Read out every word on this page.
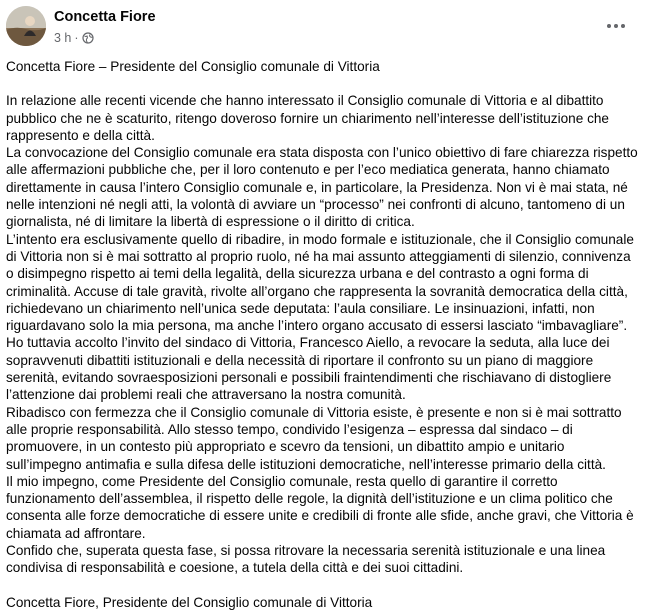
Concetta Fiore
3 h ·

Concetta Fiore – Presidente del Consiglio comunale di Vittoria

In relazione alle recenti vicende che hanno interessato il Consiglio comunale di Vittoria e al dibattito pubblico che ne è scaturito, ritengo doveroso fornire un chiarimento nell’interesse dell’istituzione che rappresento e della città.

La convocazione del Consiglio comunale era stata disposta con l’unico obiettivo di fare chiarezza rispetto alle affermazioni pubbliche che, per il loro contenuto e per l’eco mediatica generata, hanno chiamato direttamente in causa l’intero Consiglio comunale e, in particolare, la Presidenza. Non vi è mai stata, né nelle intenzioni né negli atti, la volontà di avviare un “processo” nei confronti di alcuno, tantomeno di un giornalista, né di limitare la libertà di espressione o il diritto di critica.

L’intento era esclusivamente quello di ribadire, in modo formale e istituzionale, che il Consiglio comunale di Vittoria non si è mai sottratto al proprio ruolo, né ha mai assunto atteggiamenti di silenzio, connivenza o disimpegno rispetto ai temi della legalità, della sicurezza urbana e del contrasto a ogni forma di criminalità. Accuse di tale gravità, rivolte all’organo che rappresenta la sovranità democratica della città, richiedevano un chiarimento nell’unica sede deputata: l’aula consiliare. Le insinuazioni, infatti, non riguardavano solo la mia persona, ma anche l’intero organo accusato di essersi lasciato “imbavagliare”.

Ho tuttavia accolto l’invito del sindaco di Vittoria, Francesco Aiello, a revocare la seduta, alla luce dei sopravvenuti dibattiti istituzionali e della necessità di riportare il confronto su un piano di maggiore serenità, evitando sovraesposizioni personali e possibili fraintendimenti che rischiavano di distogliere l’attenzione dai problemi reali che attraversano la nostra comunità.

Ribadisco con fermezza che il Consiglio comunale di Vittoria esiste, è presente e non si è mai sottratto alle proprie responsabilità. Allo stesso tempo, condivido l’esigenza – espressa dal sindaco – di promuovere, in un contesto più appropriato e scevro da tensioni, un dibattito ampio e unitario sull’impegno antimafia e sulla difesa delle istituzioni democratiche, nell’interesse primario della città.

Il mio impegno, come Presidente del Consiglio comunale, resta quello di garantire il corretto funzionamento dell’assemblea, il rispetto delle regole, la dignità dell’istituzione e un clima politico che consenta alle forze democratiche di essere unite e credibili di fronte alle sfide, anche gravi, che Vittoria è chiamata ad affrontare.

Confido che, superata questa fase, si possa ritrovare la necessaria serenità istituzionale e una linea condivisa di responsabilità e coesione, a tutela della città e dei suoi cittadini.

Concetta Fiore, Presidente del Consiglio comunale di Vittoria
